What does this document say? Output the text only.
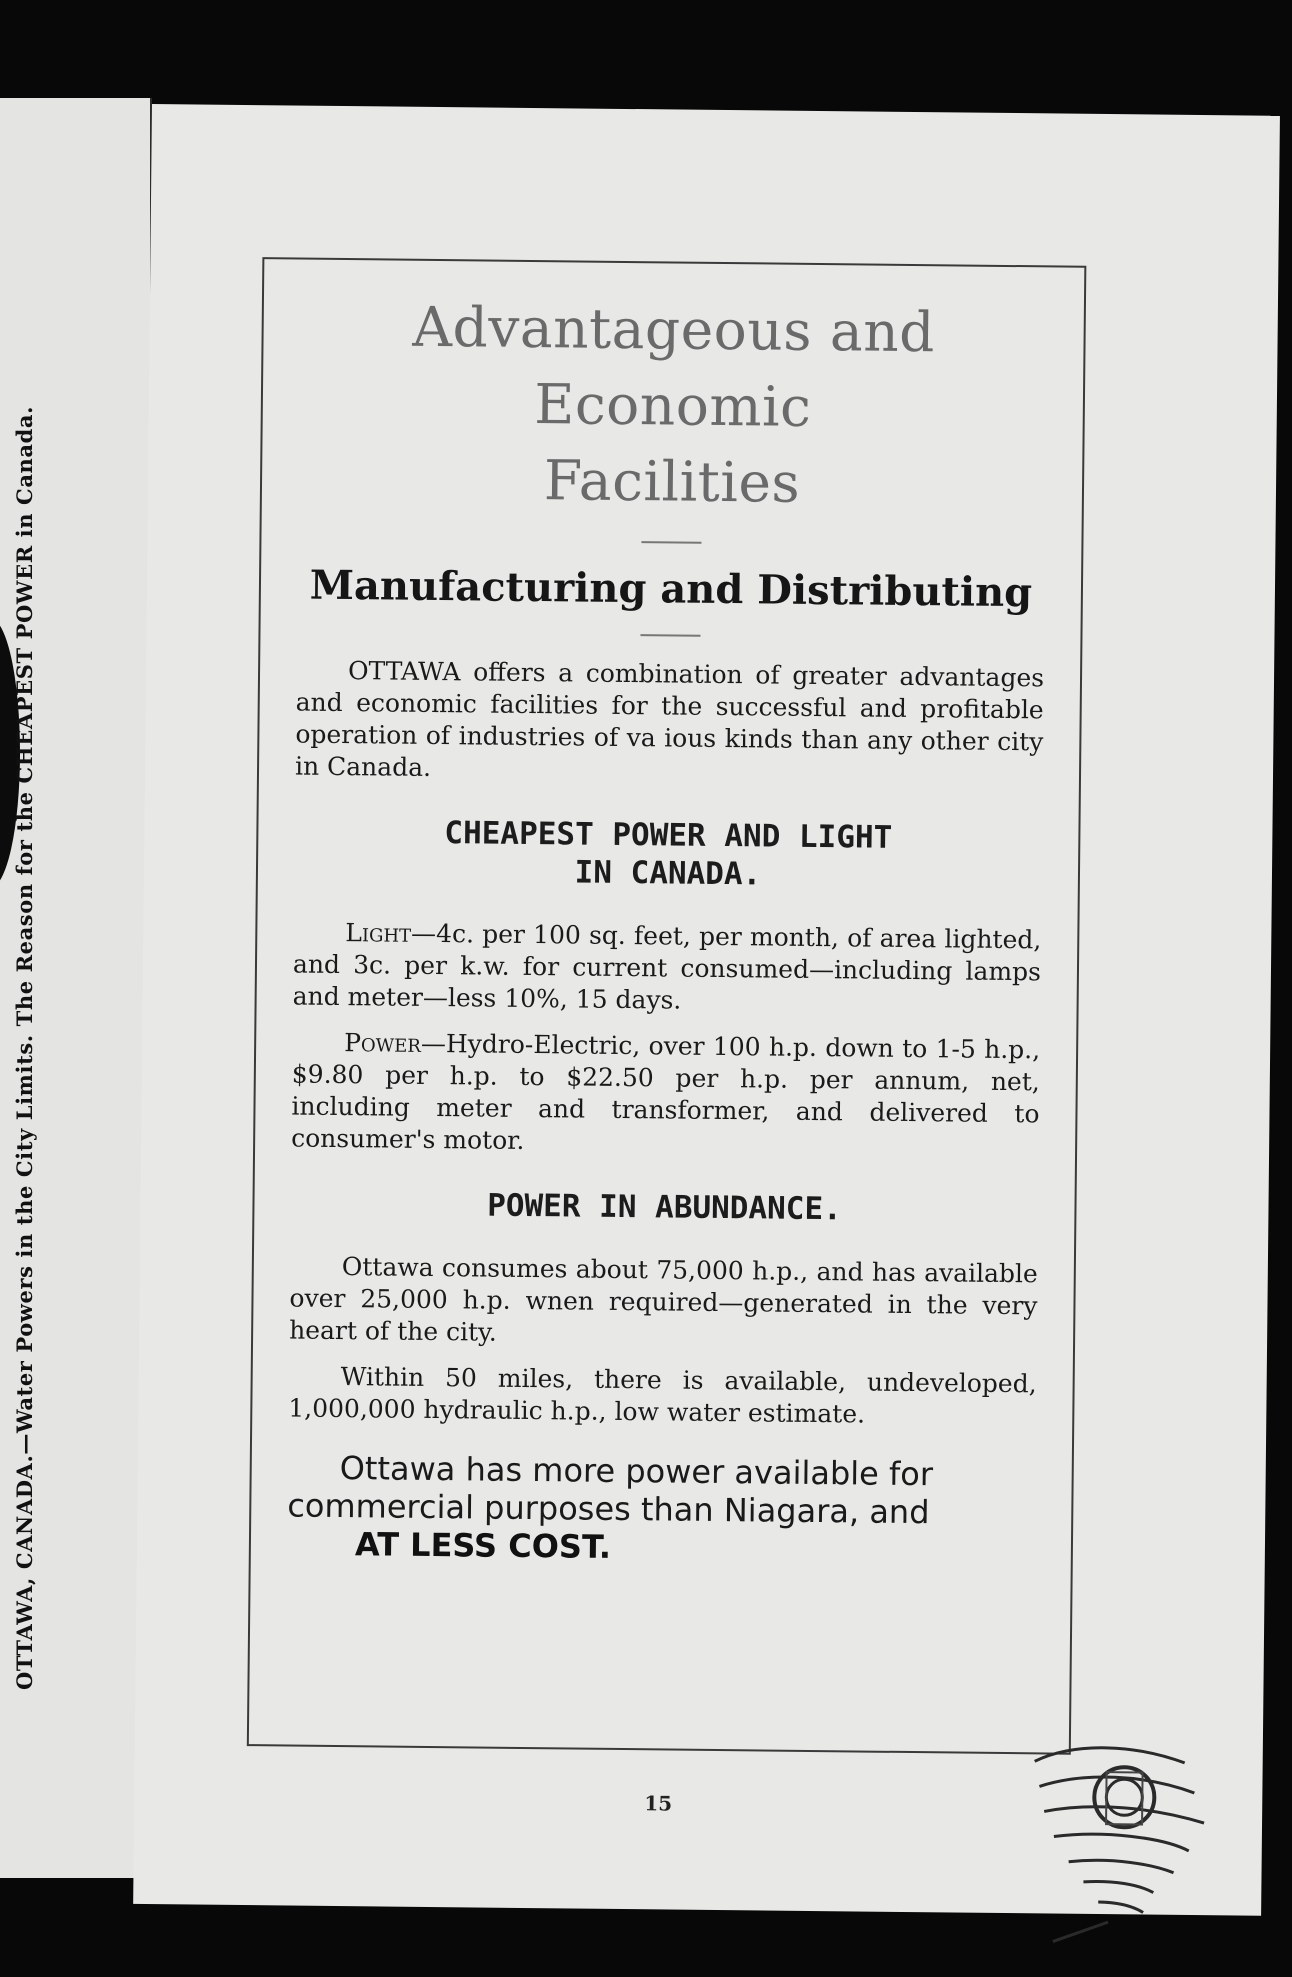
OTTAWA, CANADA.—Water Powers in the City Limits. The Reason for the CHEAPEST POWER in Canada.
Advantageous and Economic
Facilities
Manufacturing and Distributing

OTTAWA offers a combination of greater advantages and economic facilities for the successful and profitable operation of industries of va ious kinds than any other city in Canada.

CHEAPEST POWER AND LIGHT
IN CANADA.

Light—4c. per 100 sq. feet, per month, of area lighted, and 3c. per k.w. for current consumed—including lamps and meter—less 10%, 15 days.

Power—Hydro-Electric, over 100 h.p. down to 1-5 h.p., $9.80 per h.p. to $22.50 per h.p. per annum, net, including meter and transformer, and delivered to consumer's motor.

POWER IN ABUNDANCE.

Ottawa consumes about 75,000 h.p., and has available over 25,000 h.p. wnen required—generated in the very heart of the city.

Within 50 miles, there is available, undeveloped, 1,000,000 hydraulic h.p., low water estimate.

Ottawa has more power available for commercial purposes than Niagara, and
AT LESS COST.

15
